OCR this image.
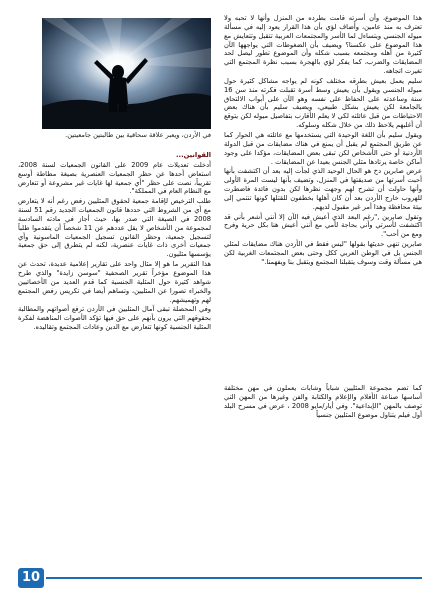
في الأردن، ويعبر علاقة سحاقية بين طالبتين جامعيتين.

هذا الموضوع، وأن أسرته قامت بطرده من المنزل وأنها لا تحبه ولا تعترف به منذ عامين، وأضاف لؤي بأن هذا القرار يعود إليه في مسألة ميوله الجنسي ويتساءل لما الأسر والمجتمعات العربية تتقبل وتتعايش مع هذا الموضوع على عكسنا؟ ويضيف بأن الضغوطات التي يواجهها الآن كثيرة من أهله ومجتمعه بسبب شكله وأن الموضوع تطور ليصل لحد المضايقات والضرب، كما يفكر لؤي بالهجرة بسبب نظرة المجتمع التي تغيرت اتجاهه.

سليم يعمل بعيش بطرقه مختلف كونه لم يواجه مشاكل كثيرة حول ميوله الجنسي ويقول بأن يعيش وسط أسرة تقبلت فكرته منذ سن 16 سنة وساعدته على الحفاظ على نفسه وهو الآن على أبواب الالتحاق بالجامعة لكن يعيش بشكل طبيعي، ويضيف سليم بأن هناك بعض الاحتياطات من قبل عائلته لكي لا يعلم الأقارب بتفاصيل ميوله لكن يتوقع أن أغلبهم يلاحظ ذلك من خلال شكله وسلوكه.

ويقول سليم بأن اللغة الوحيدة التي يستخدمها مع عائلته هي الحوار كما عن طريق المجتمع لم يقبل أن يمنع في هناك مضايقات من قبل الدولة الأردنية أو حتى الأشخاص لكن تبقى بعض المضايقات، مؤكدا على وجود أماكن خاصة يرتادها مثلي الجنس بعيدا عن المضايقات .

عرض صابرين دخ هو الحال الوحيد الذي لجأت إليه بعد أن اكتشفت بأنها أحبت أسرتها من صديقتها في المنزل، وتضيف بأنها ليست المرة الأولى وأنها حاولت أن تشرح لهم وجهت نظرها لكن بدون فائدة فاضطرت للهروب خارج الأردن بعد أن كان أهلها بخطفون للقتلها كونها تنتمي إلى بيئة محافظة وهذا أمر غير مقبول لديهم.

وتقول صابرين ,"رغم البعد الذي أعيش فيه الآن إلا أنني أشعر بأني قد اكتشفت لأسرتي وأني بحاجة لأمي مع أنني أعيش هنا بكل حرية وفرح ومع من أحب".

صابرين تنهي حديثها بقولها "ليس فقط في الأردن هناك مضايقات لمثلي الجنس بل في الوطن العربي ككل وحتى بعض المجتمعات الغربية لكن هي مسألة وقت وسوف يتقبلنا المجتمع ويتقبل بنا ويفهمنا."

كما تضم مجموعة المثليين شباباً وشابات يعملون في مهن مختلفة أساسها صناعة الأفلام والإعلام والكتابة والفن وغيرها من المهن التي توصف بالمهن "الإبداعية". وفي أيار/مايو 2008 ، عرض في مسرح البلد أول فيلم يتناول موضوع المثليين جنسياً

القوانين...

أدخلت تعديلات عام 2009 على القانون الجمعيات لسنة 2008، استعاض أحدها عن حظر الجمعيات العنصرية بصيغة مطاطة أوسع تقريباً، نصت على حظر "أي جمعية لها غايات غير مشروعة أو تتعارض مع النظام العام في المملكة".

طلب الترخيص لإقامة جمعية لحقوق المثليين رفض رغم أنه لا يتعارض مع أي من الشروط التي حددها قانون الجمعيات الجديد رقم 51 لسنة 2008 في الصيغة التي صدر بها، حيث أجاز في مادته السادسة لمجموعة من الأشخاص لا يقل عددهم عن 11 شخصاً أن يتقدموا طلباً لتسجيل جمعية، وحظر القانون تسجيل الجمعيات الماسونية وأي جمعيات أخرى ذات غايات عنصرية، لكنه لم يتطرق إلى حق جمعية يؤسسها مثليون.

هذا التقرير ما هو إلا مثال واحد على تقارير إعلامية عديدة، تحدث عن هذا الموضوع مؤخراً تقرير الصحفية "سوسن زايدة" والذي طرح شواهد كثيرة حول المثلية الجنسية كما قدم العديد من الأخصائيين والخبراء تصورا عن المثليين، وتساهم أيضا في تكريس رفض المجتمع لهم وتهميشهم.

وفي المحصلة تبقى آمال المثليين في الأردن ترفع أصواتهم والمطالبة بحقوقهم التي يرون بأنهم على حق فيها تؤكد الأصوات المناهضة لفكرة المثلية الجنسية كونها تتعارض مع الدين وعادات المجتمع وتقاليده.

10
